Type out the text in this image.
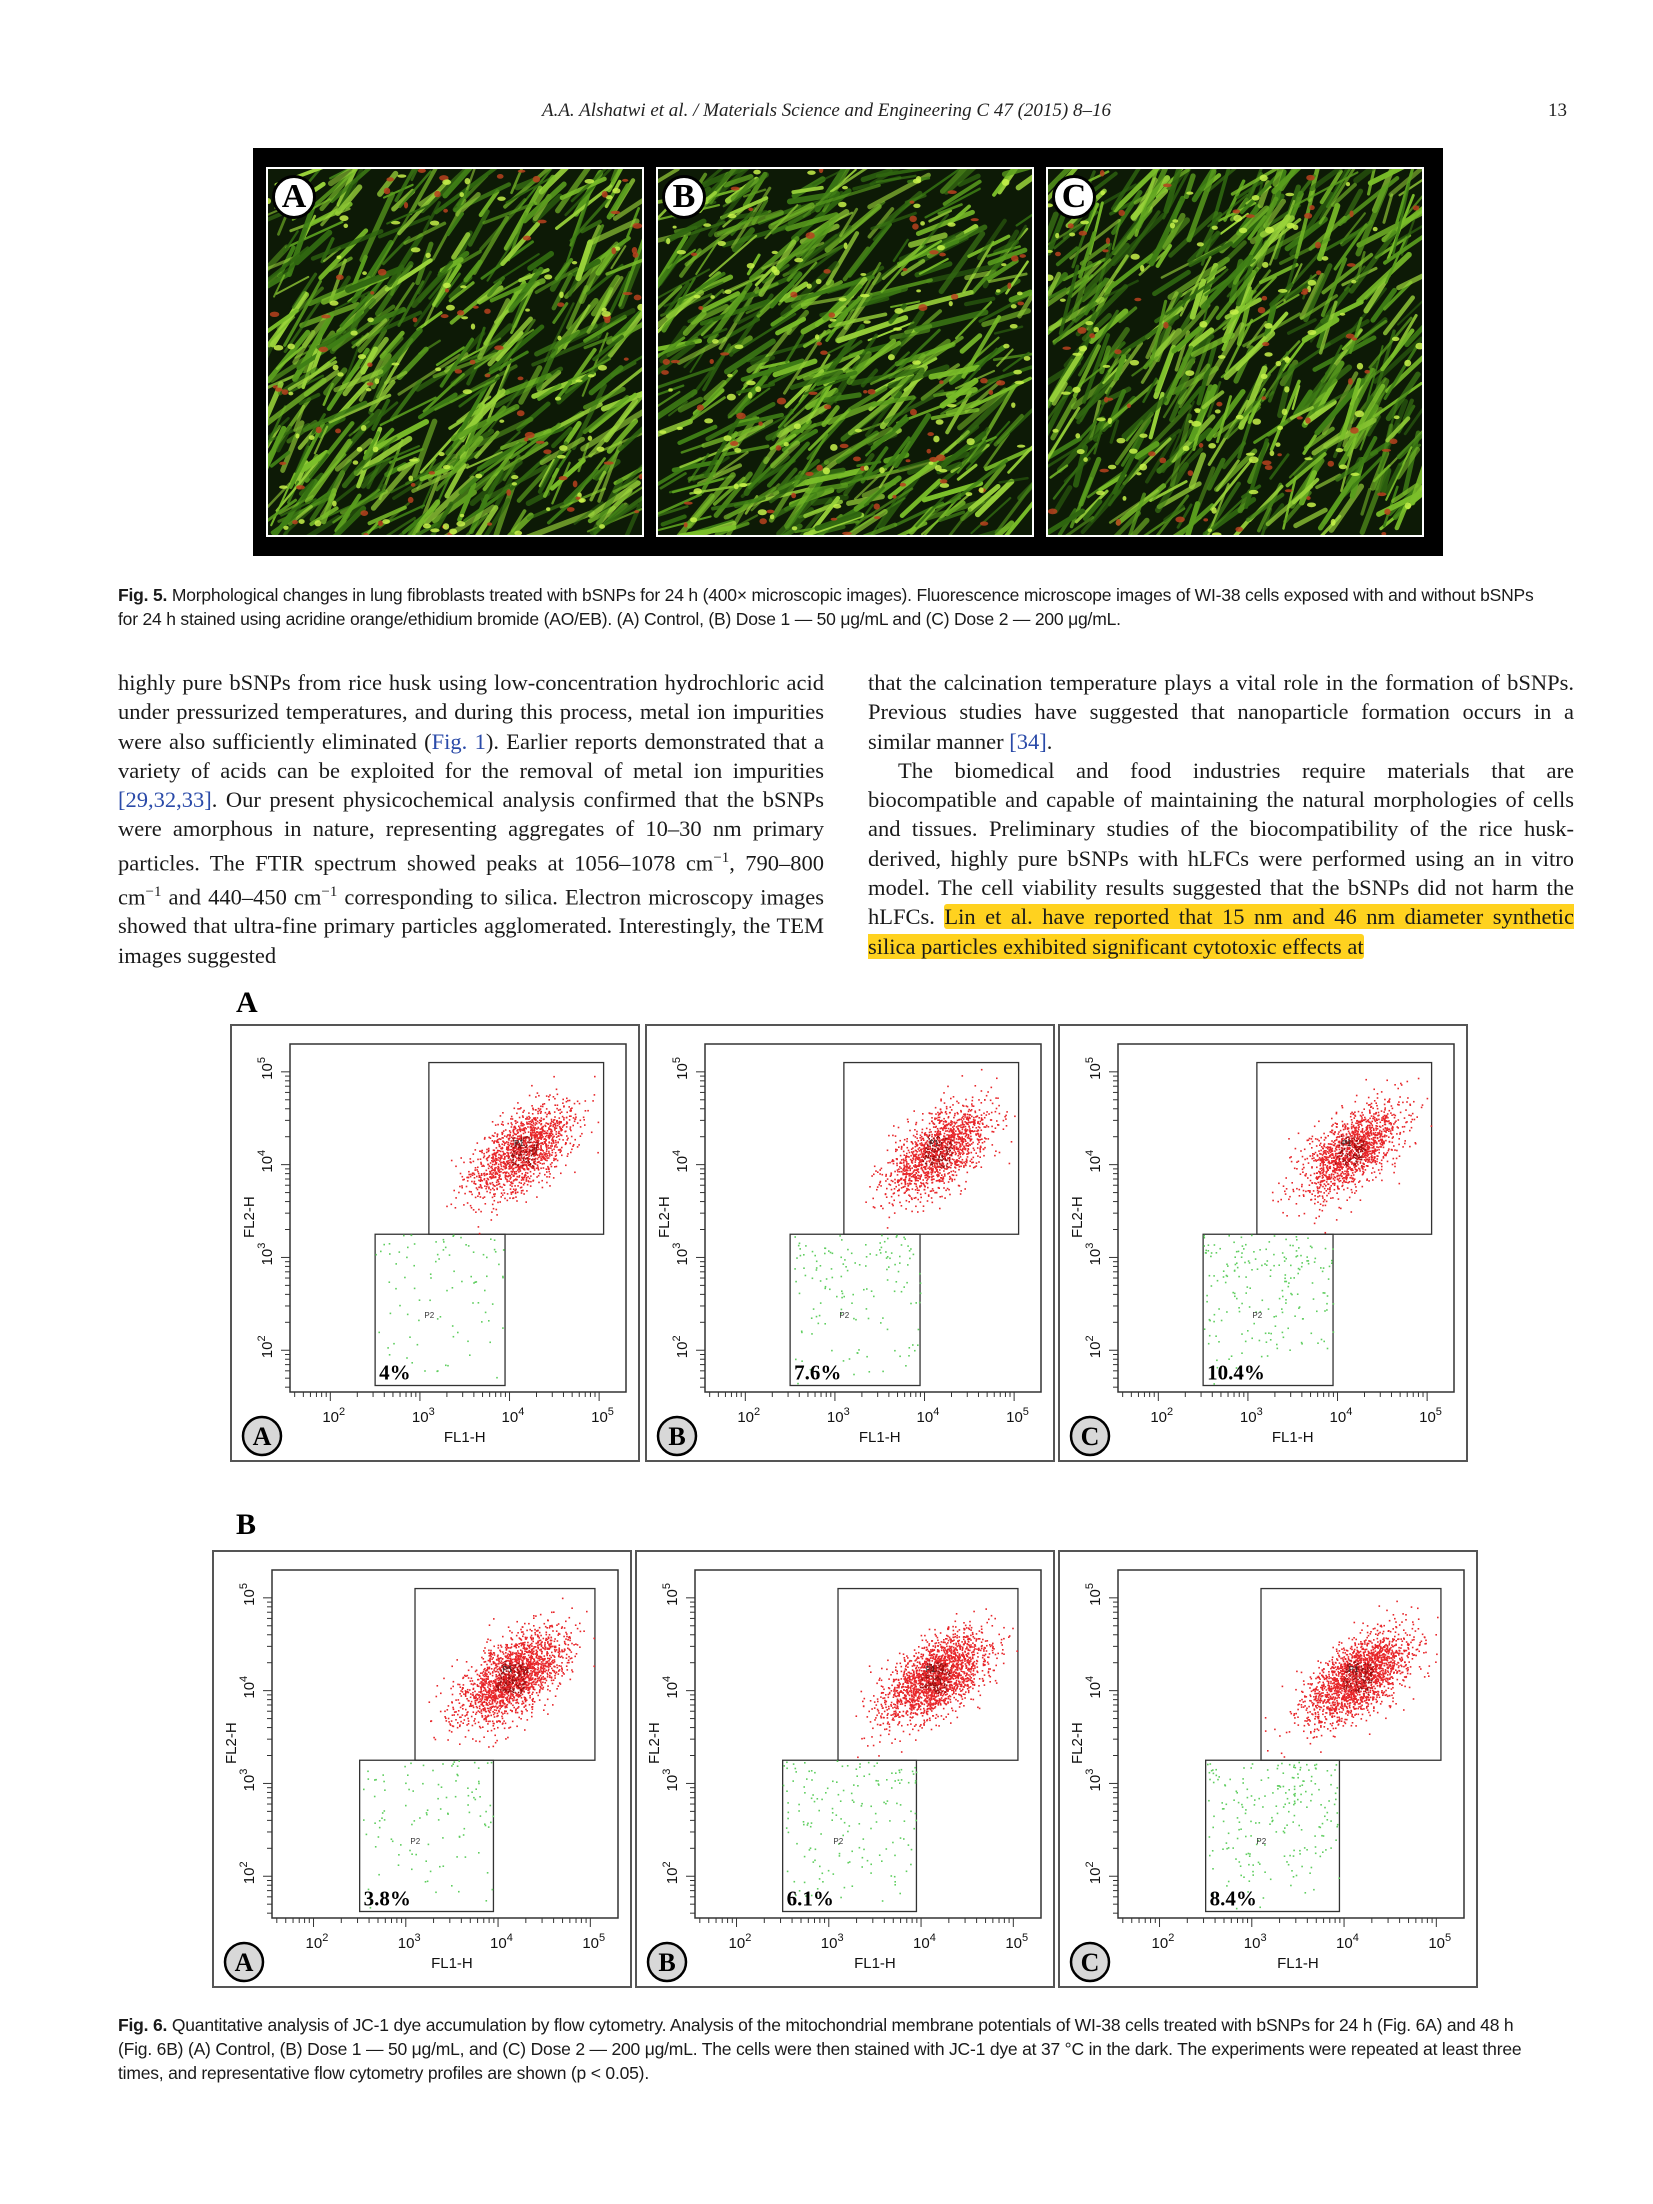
A.A. Alshatwi et al. / Materials Science and Engineering C 47 (2015) 8–16	13
A	B	C
Fig. 5. Morphological changes in lung fibroblasts treated with bSNPs for 24 h (400× microscopic images). Fluorescence microscope images of WI-38 cells exposed with and without bSNPs for 24 h stained using acridine orange/ethidium bromide (AO/EB). (A) Control, (B) Dose 1 — 50 μg/mL and (C) Dose 2 — 200 μg/mL.

highly pure bSNPs from rice husk using low-concentration hydrochloric acid under pressurized temperatures, and during this process, metal ion impurities were also sufficiently eliminated (Fig. 1). Earlier reports demonstrated that a variety of acids can be exploited for the removal of metal ion impurities [29,32,33]. Our present physicochemical analysis confirmed that the bSNPs were amorphous in nature, representing aggregates of 10–30 nm primary particles. The FTIR spectrum showed peaks at 1056–1078 $cm^{-1}$, 790–800 $cm^{-1}$ and 440–450 $cm^{-1}$ corresponding to silica. Electron microscopy images showed that ultra-fine primary particles agglomerated. Interestingly, the TEM images suggested

that the calcination temperature plays a vital role in the formation of bSNPs. Previous studies have suggested that nanoparticle formation occurs in a similar manner [34].

The biomedical and food industries require materials that are biocompatible and capable of maintaining the natural morphologies of cells and tissues. Preliminary studies of the biocompatibility of the rice husk-derived, highly pure bSNPs with hLFCs were performed using an in vitro model. The cell viability results suggested that the bSNPs did not harm the hLFCs. Lin et al. have reported that 15 nm and 46 nm diameter synthetic silica particles exhibited significant cytotoxic effects at

A
B
$10^2$	$10^3$	$10^4$	$10^5$
$10^2$
$10^3$
$10^4$
$10^5$
FL1-H
FL2-H
P1
P2
4%
A
$10^2$	$10^3$	$10^4$	$10^5$
$10^2$
$10^3$
$10^4$
$10^5$
FL1-H
FL2-H
P1
P2
7.6%
B
$10^2$	$10^3$	$10^4$	$10^5$
$10^2$
$10^3$
$10^4$
$10^5$
FL1-H
FL2-H
P1
P2
10.4%
C
$10^2$	$10^3$	$10^4$	$10^5$
$10^2$
$10^3$
$10^4$
$10^5$
FL1-H
FL2-H
P1
P2
3.8%
A
$10^2$	$10^3$	$10^4$	$10^5$
$10^2$
$10^3$
$10^4$
$10^5$
FL1-H
FL2-H
P1
P2
6.1%
B
$10^2$	$10^3$	$10^4$	$10^5$
$10^2$
$10^3$
$10^4$
$10^5$
FL1-H
FL2-H
P1
P2
8.4%
C
Fig. 6. Quantitative analysis of JC-1 dye accumulation by flow cytometry. Analysis of the mitochondrial membrane potentials of WI-38 cells treated with bSNPs for 24 h (Fig. 6A) and 48 h (Fig. 6B) (A) Control, (B) Dose 1 — 50 μg/mL, and (C) Dose 2 — 200 μg/mL. The cells were then stained with JC-1 dye at 37 °C in the dark. The experiments were repeated at least three times, and representative flow cytometry profiles are shown (p < 0.05).
